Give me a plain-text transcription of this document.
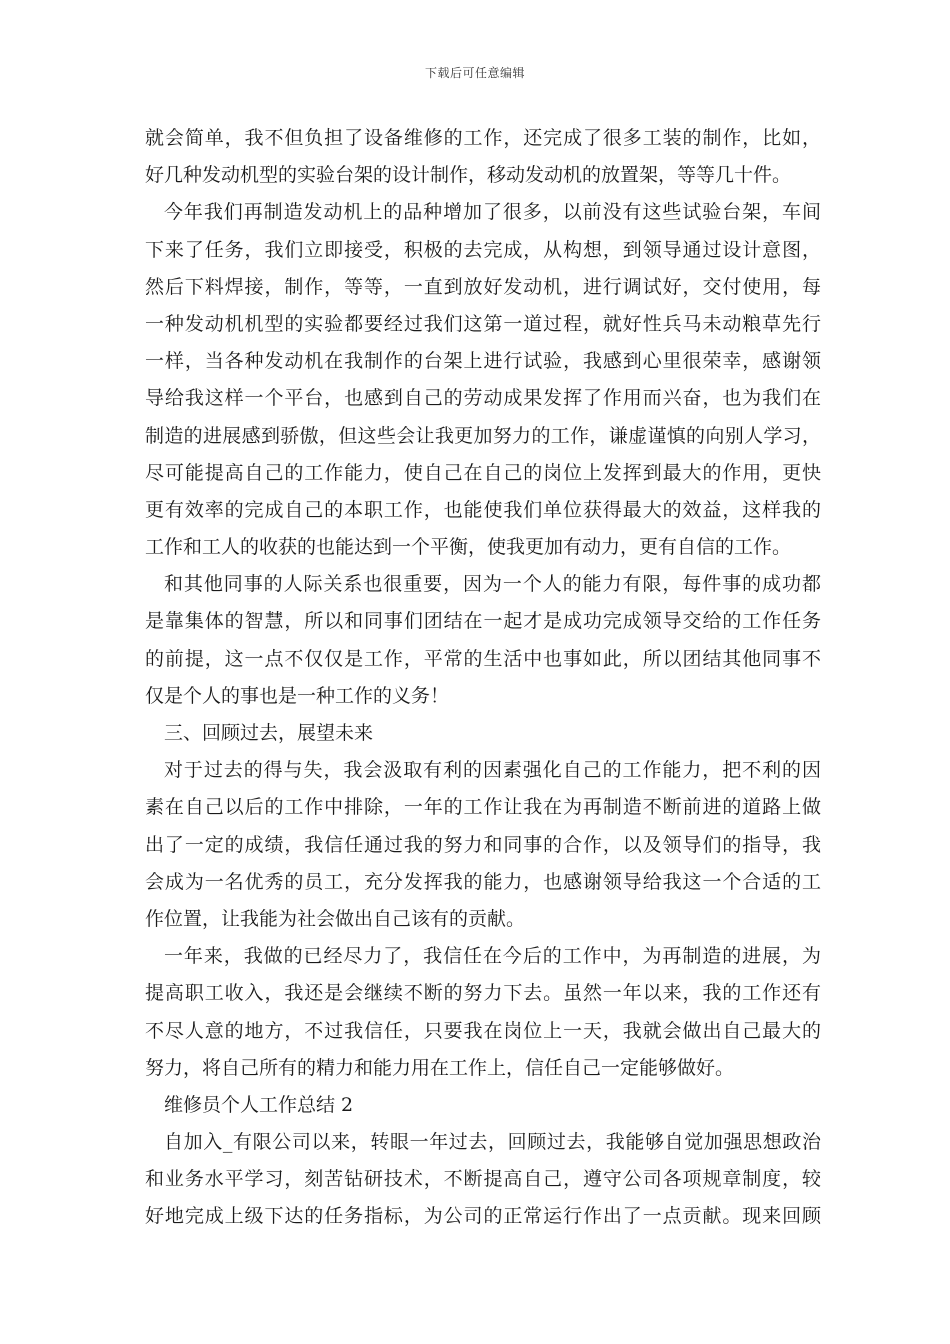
下载后可任意编辑
就会简单，我不但负担了设备维修的工作，还完成了很多工装的制作，比如，
好几种发动机型的实验台架的设计制作，移动发动机的放置架，等等几十件。
今年我们再制造发动机上的品种增加了很多，以前没有这些试验台架，车间
下来了任务，我们立即接受，积极的去完成，从构想，到领导通过设计意图，
然后下料焊接，制作，等等，一直到放好发动机，进行调试好，交付使用，每
一种发动机机型的实验都要经过我们这第一道过程，就好性兵马未动粮草先行
一样，当各种发动机在我制作的台架上进行试验，我感到心里很荣幸，感谢领
导给我这样一个平台，也感到自己的劳动成果发挥了作用而兴奋，也为我们在
制造的进展感到骄傲，但这些会让我更加努力的工作，谦虚谨慎的向别人学习，
尽可能提高自己的工作能力，使自己在自己的岗位上发挥到最大的作用，更快
更有效率的完成自己的本职工作，也能使我们单位获得最大的效益，这样我的
工作和工人的收获的也能达到一个平衡，使我更加有动力，更有自信的工作。
和其他同事的人际关系也很重要，因为一个人的能力有限，每件事的成功都
是靠集体的智慧，所以和同事们团结在一起才是成功完成领导交给的工作任务
的前提，这一点不仅仅是工作，平常的生活中也事如此，所以团结其他同事不
仅是个人的事也是一种工作的义务！
三、回顾过去，展望未来
对于过去的得与失，我会汲取有利的因素强化自己的工作能力，把不利的因
素在自己以后的工作中排除，一年的工作让我在为再制造不断前进的道路上做
出了一定的成绩，我信任通过我的努力和同事的合作，以及领导们的指导，我
会成为一名优秀的员工，充分发挥我的能力，也感谢领导给我这一个合适的工
作位置，让我能为社会做出自己该有的贡献。
一年来，我做的已经尽力了，我信任在今后的工作中，为再制造的进展，为
提高职工收入，我还是会继续不断的努力下去。虽然一年以来，我的工作还有
不尽人意的地方，不过我信任，只要我在岗位上一天，我就会做出自己最大的
努力，将自己所有的精力和能力用在工作上，信任自己一定能够做好。
维修员个人工作总结 2
自加入_有限公司以来，转眼一年过去，回顾过去，我能够自觉加强思想政治
和业务水平学习，刻苦钻研技术，不断提高自己，遵守公司各项规章制度，较
好地完成上级下达的任务指标，为公司的正常运行作出了一点贡献。现来回顾
